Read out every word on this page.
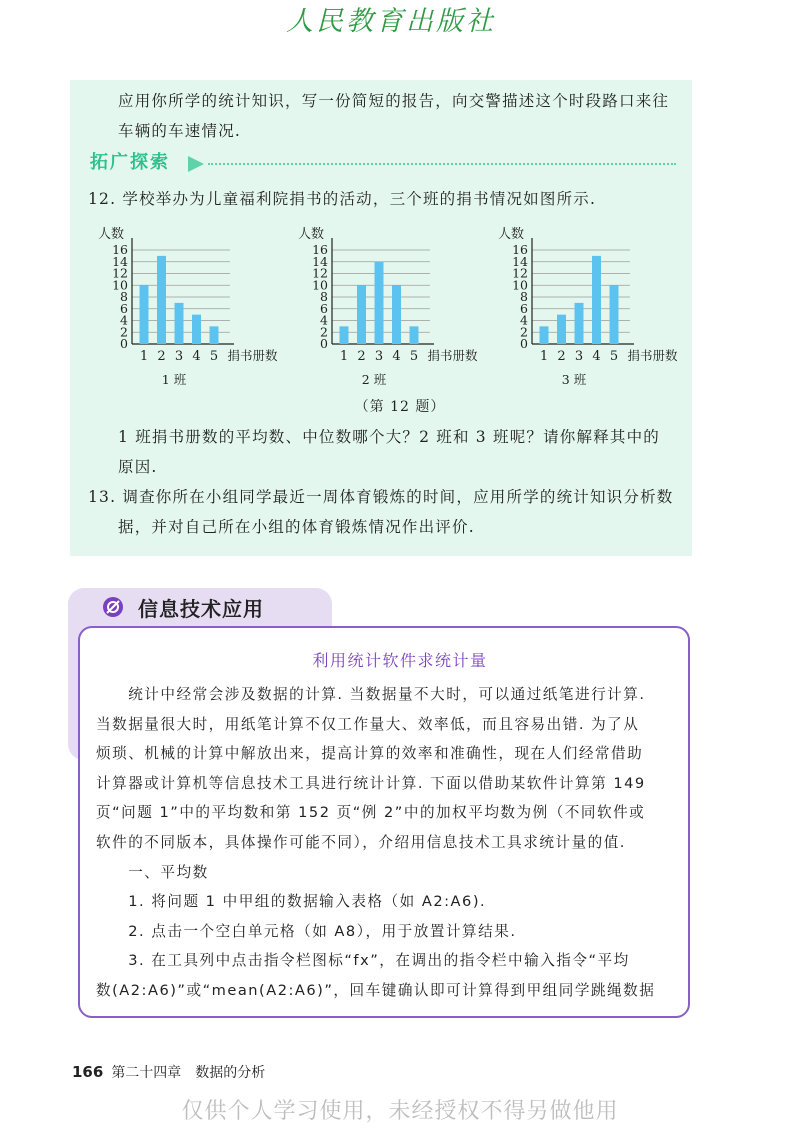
人民教育出版社
应用你所学的统计知识，写一份简短的报告，向交警描述这个时段路口来往
车辆的车速情况.
拓广探索
12. 学校举办为儿童福利院捐书的活动，三个班的捐书情况如图所示.
0
2
4
6
8
10
12
14
16
人数
1 2 3 4 5 捐书册数
1 班
0
2
4
6
8
10
12
14
16
人数
1 2 3 4 5 捐书册数
2 班
0
2
4
6
8
10
12
14
16
人数
1 2 3 4 5 捐书册数
3 班
（第 12 题）
1 班捐书册数的平均数、中位数哪个大？2 班和 3 班呢？请你解释其中的
原因.
13. 调查你所在小组同学最近一周体育锻炼的时间，应用所学的统计知识分析数
据，并对自己所在小组的体育锻炼情况作出评价.
信息技术应用
利用统计软件求统计量
　　统计中经常会涉及数据的计算. 当数据量不大时，可以通过纸笔进行计算.
当数据量很大时，用纸笔计算不仅工作量大、效率低，而且容易出错. 为了从
烦琐、机械的计算中解放出来，提高计算的效率和准确性，现在人们经常借助
计算器或计算机等信息技术工具进行统计计算. 下面以借助某软件计算第 149
页“问题 1”中的平均数和第 152 页“例 2”中的加权平均数为例（不同软件或
软件的不同版本，具体操作可能不同），介绍用信息技术工具求统计量的值.
　　一、平均数
　　1. 将问题 1 中甲组的数据输入表格（如 A2:A6).
　　2. 点击一个空白单元格（如 A8），用于放置计算结果.
　　3. 在工具列中点击指令栏图标“fx”，在调出的指令栏中输入指令“平均
数(A2:A6)”或“mean(A2:A6)”，回车键确认即可计算得到甲组同学跳绳数据
166 第二十四章　数据的分析
仅供个人学习使用，未经授权不得另做他用
